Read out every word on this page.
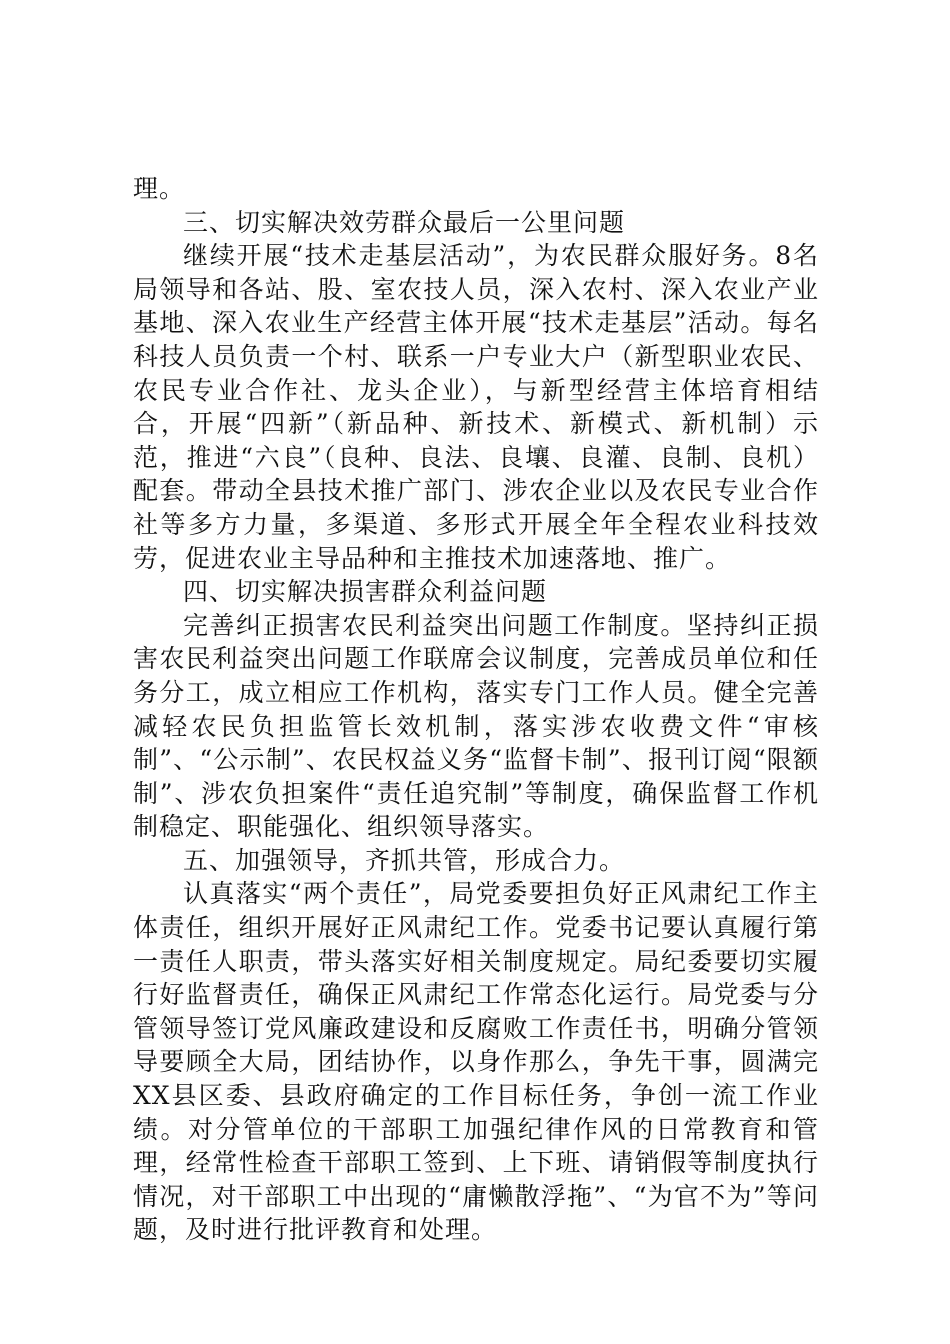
理。

三、切实解决效劳群众最后一公里问题

继续开展“技术走基层活动”，为农民群众服好务。8名局领导和各站、股、室农技人员，深入农村、深入农业产业基地、深入农业生产经营主体开展“技术走基层”活动。每名科技人员负责一个村、联系一户专业大户（新型职业农民、农民专业合作社、龙头企业），与新型经营主体培育相结合，开展“四新”（新品种、新技术、新模式、新机制）示范，推进“六良”（良种、良法、良壤、良灌、良制、良机）配套。带动全县技术推广部门、涉农企业以及农民专业合作社等多方力量，多渠道、多形式开展全年全程农业科技效劳，促进农业主导品种和主推技术加速落地、推广。

四、切实解决损害群众利益问题

完善纠正损害农民利益突出问题工作制度。坚持纠正损害农民利益突出问题工作联席会议制度，完善成员单位和任务分工，成立相应工作机构，落实专门工作人员。健全完善减轻农民负担监管长效机制，落实涉农收费文件“审核制”、“公示制”、农民权益义务“监督卡制”、报刊订阅“限额制”、涉农负担案件“责任追究制”等制度，确保监督工作机制稳定、职能强化、组织领导落实。

五、加强领导，齐抓共管，形成合力。

认真落实“两个责任”，局党委要担负好正风肃纪工作主体责任，组织开展好正风肃纪工作。党委书记要认真履行第一责任人职责，带头落实好相关制度规定。局纪委要切实履行好监督责任，确保正风肃纪工作常态化运行。局党委与分管领导签订党风廉政建设和反腐败工作责任书，明确分管领导要顾全大局，团结协作，以身作那么，争先干事，圆满完XX县区委、县政府确定的工作目标任务，争创一流工作业绩。对分管单位的干部职工加强纪律作风的日常教育和管理，经常性检查干部职工签到、上下班、请销假等制度执行情况，对干部职工中出现的“庸懒散浮拖”、“为官不为”等问题，及时进行批评教育和处理。
